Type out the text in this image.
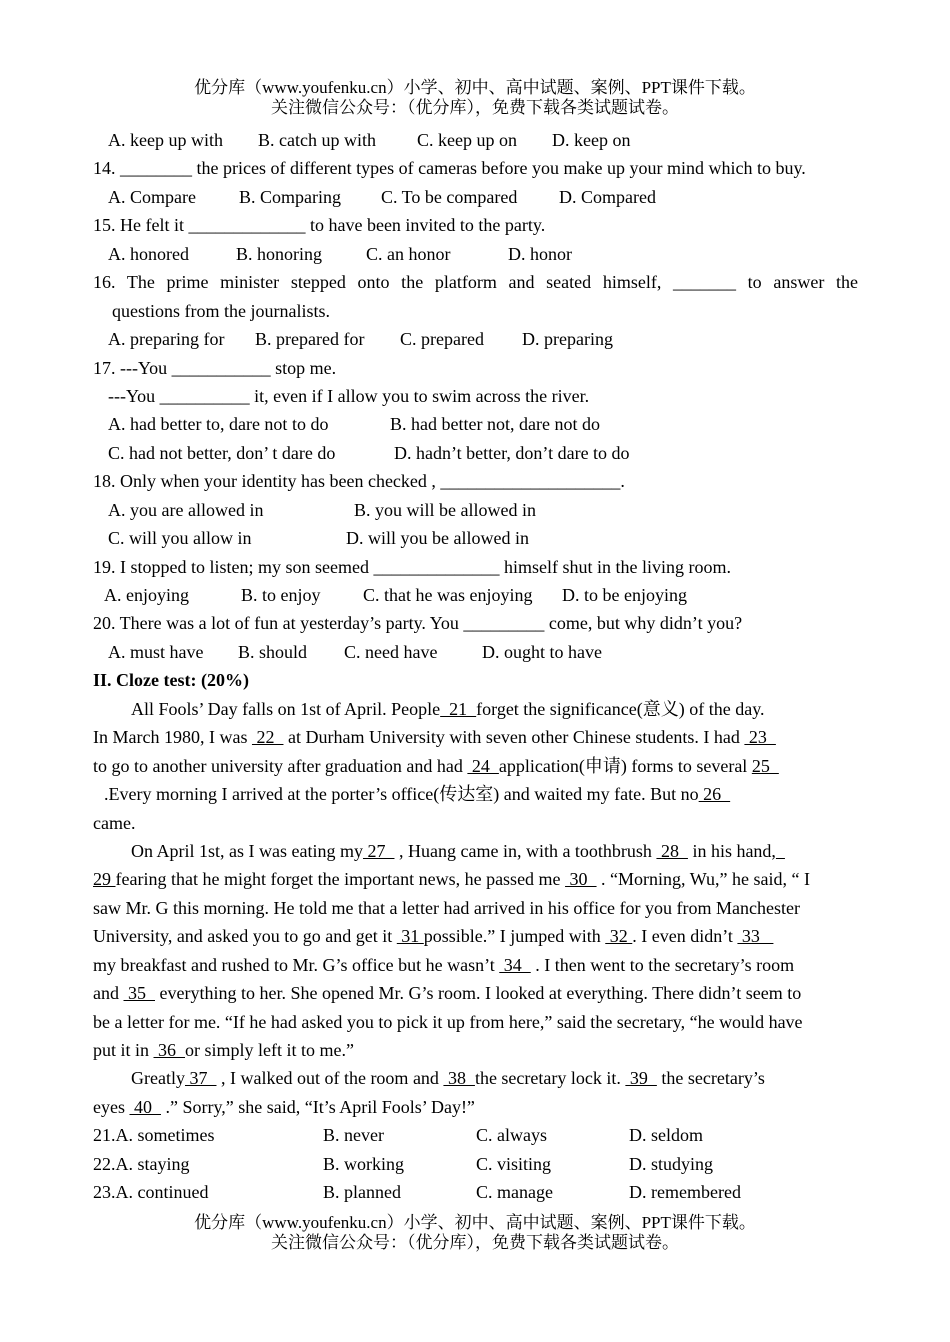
优分库（www.youfenku.cn）小学、初中、高中试题、案例、PPT课件下载。
关注微信公众号：（优分库），免费下载各类试题试卷。
A. keep up with B. catch up with C. keep up on D. keep on
14. ________ the prices of different types of cameras before you make up your mind which to buy.
A. Compare B. Comparing C. To be compared D. Compared
15. He felt it _____________ to have been invited to the party.
A. honored	B. honoring C. an honor	D. honor
16. The prime minister stepped onto the platform and seated himself, _______ to answer the
questions from the journalists.
A. preparing for B. prepared for C. prepared D. preparing
17. ---You ___________ stop me.
---You __________ it, even if I allow you to swim across the river.
A. had better to, dare not to do	B. had better not, dare not do
C. had not better, don’ t dare do	D. hadn’t better, don’t dare to do
18. Only when your identity has been checked , ____________________.
A. you are allowed in	B. you will be allowed in
C. will you allow in	D. will you be allowed in
19. I stopped to listen; my son seemed ______________ himself shut in the living room.
A. enjoying	B. to enjoy C. that he was enjoying D. to be enjoying
20. There was a lot of fun at yesterday’s party. You _________ come, but why didn’t you?
A. must have B. should C. need have D. ought to have
II. Cloze test: (20%)
All Fools’ Day falls on 1st of April. People  21  forget the significance(意义) of the day.
In March 1980, I was  22   at Durham University with seven other Chinese students. I had  23
to go to another university after graduation and had  24  application(申请) forms to several 25
.Every morning I arrived at the porter’s office(传达室) and waited my fate. But no 26
came.
On April 1st, as I was eating my 27   , Huang came in, with a toothbrush  28   in his hand,
29 fearing that he might forget the important news, he passed me  30   . “Morning, Wu,” he said, “ I
saw Mr. G this morning. He told me that a letter had arrived in his office for you from Manchester
University, and asked you to go and get it  31 possible.” I jumped with  32 . I even didn’t  33
my breakfast and rushed to Mr. G’s office but he wasn’t  34   . I then went to the secretary’s room
and  35   everything to her. She opened Mr. G’s room. I looked at everything. There didn’t seem to
be a letter for me. “If he had asked you to pick it up from here,” said the secretary, “he would have
put it in  36  or simply left it to me.”
Greatly 37   , I walked out of the room and  38  the secretary lock it.  39   the secretary’s
eyes  40   .” Sorry,” she said, “It’s April Fools’ Day!”
21.A. sometimes	B. never	C. always	D. seldom
22.A. staying	B. working	C. visiting	D. studying
23.A. continued	B. planned	C. manage	D. remembered
优分库（www.youfenku.cn）小学、初中、高中试题、案例、PPT课件下载。
关注微信公众号：（优分库），免费下载各类试题试卷。
